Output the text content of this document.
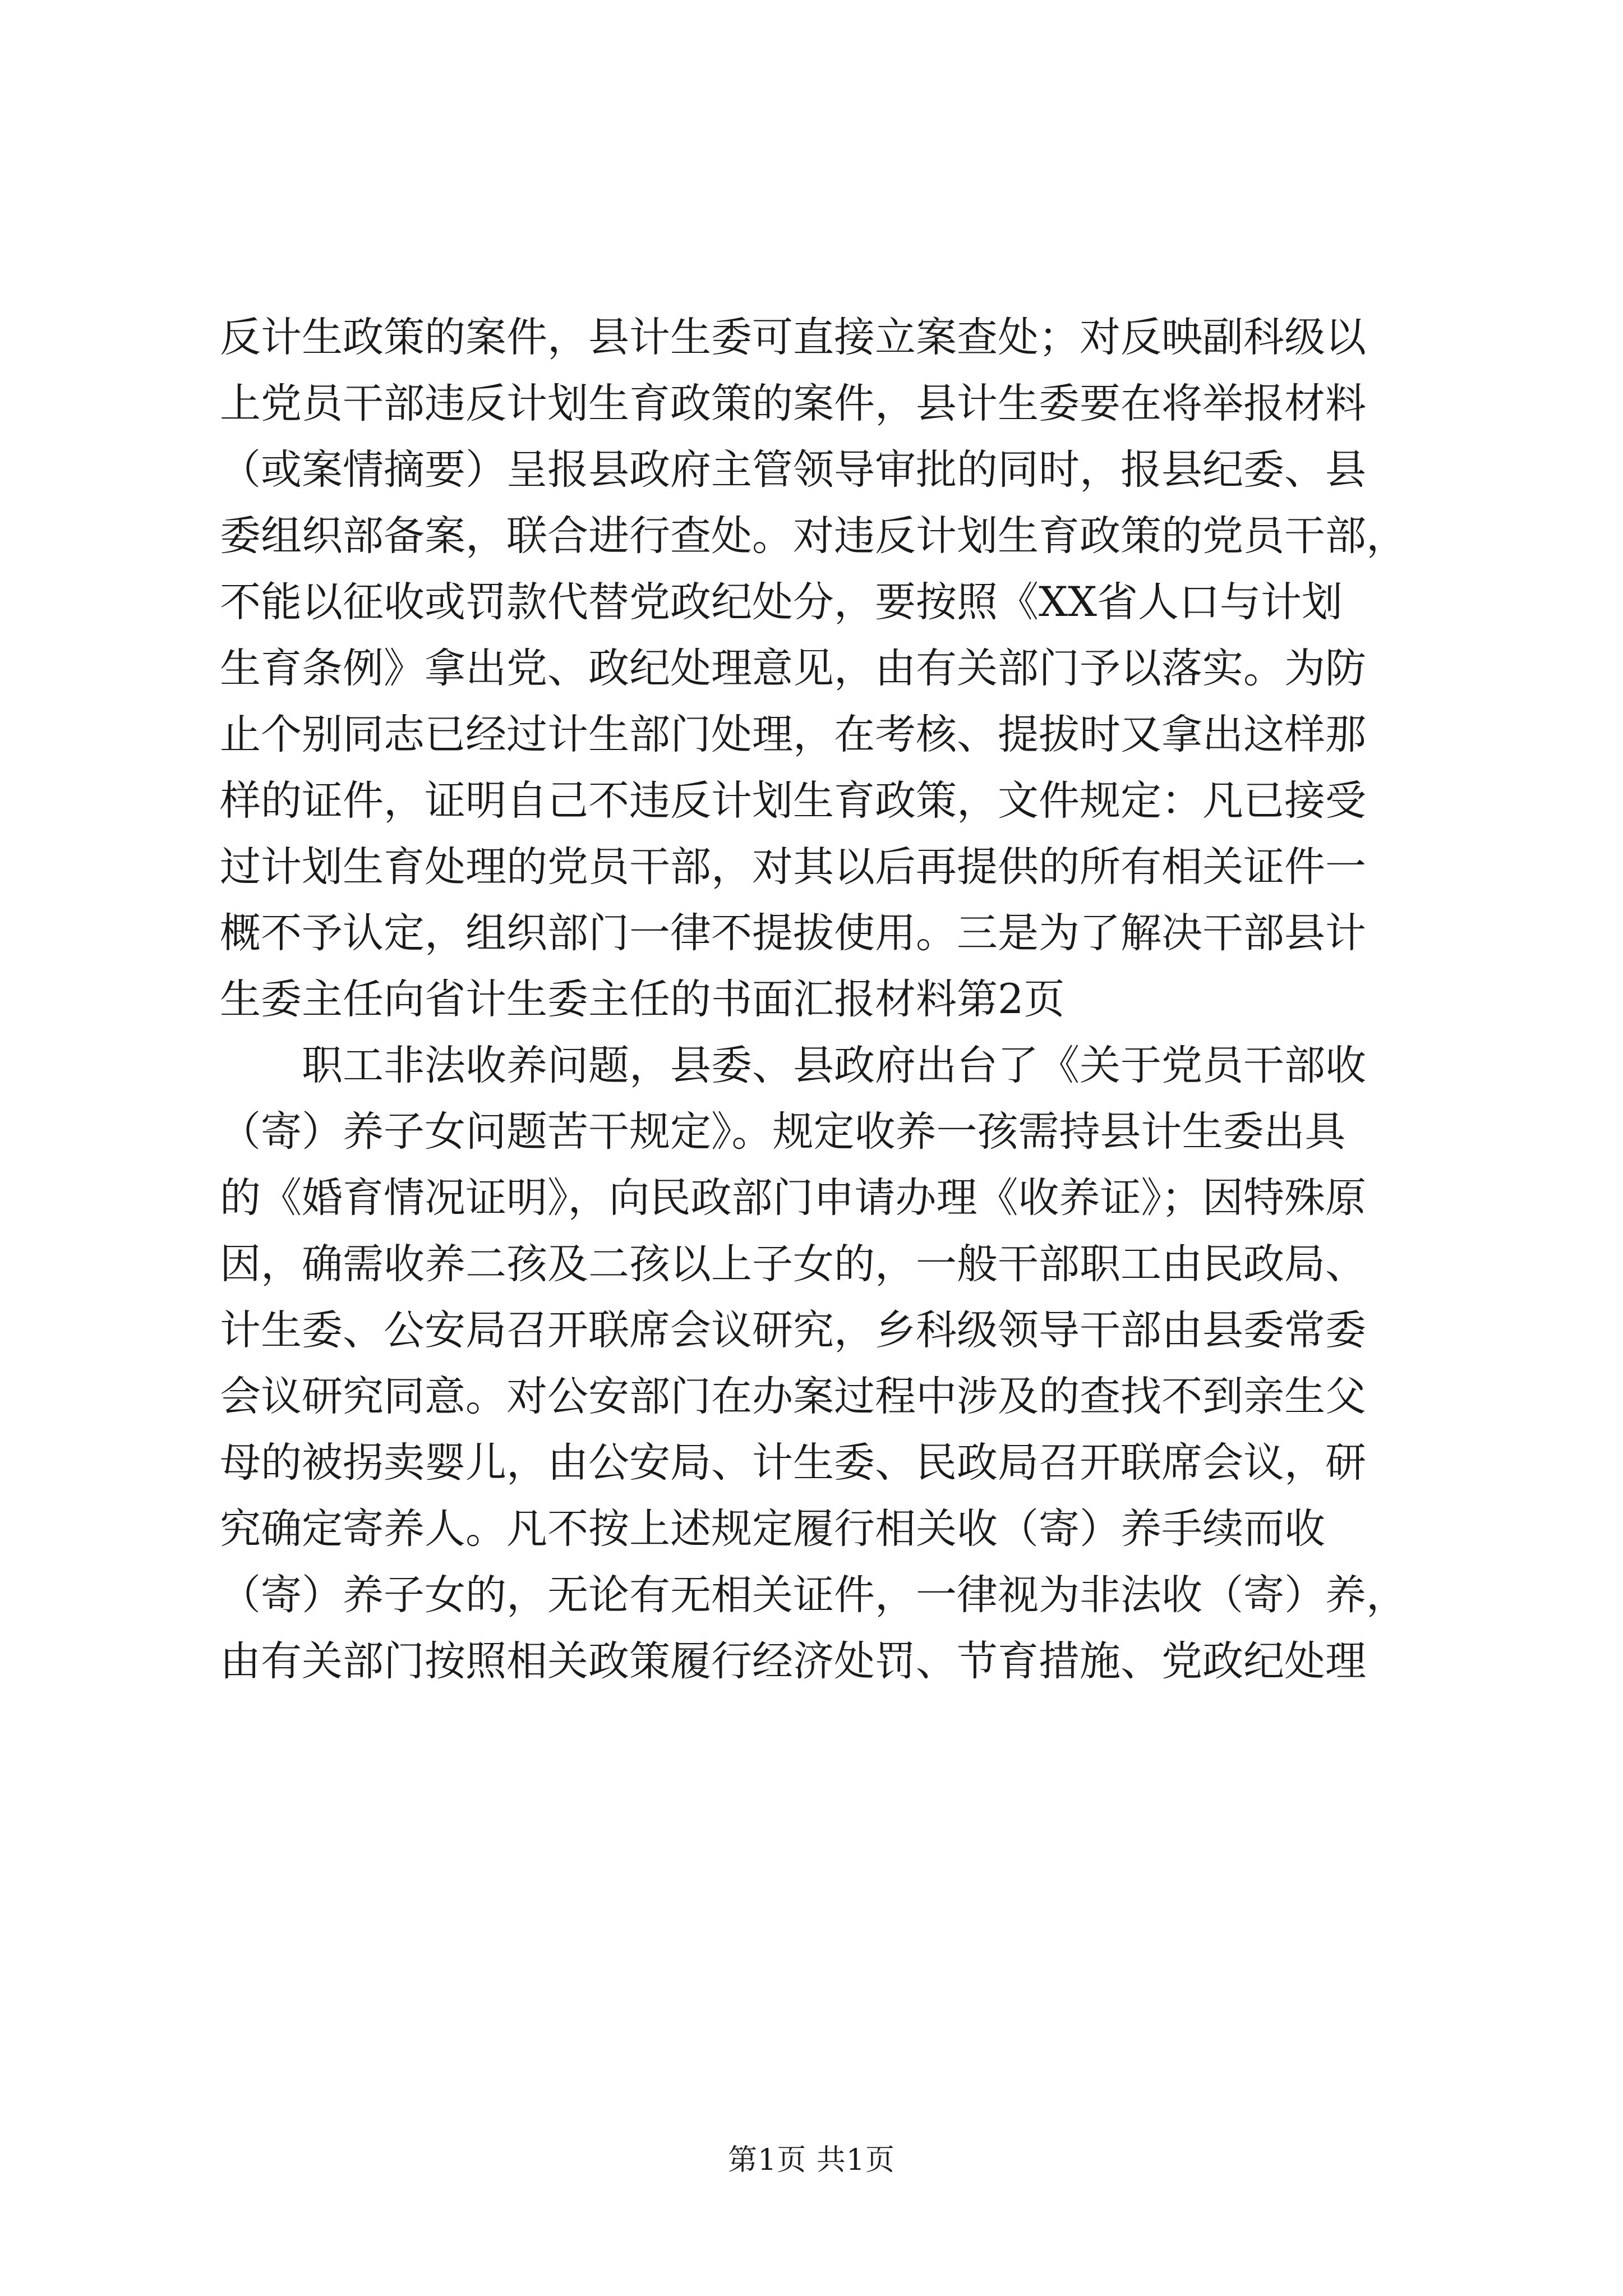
反计生政策的案件，县计生委可直接立案查处；对反映副科级以
上党员干部违反计划生育政策的案件，县计生委要在将举报材料
（或案情摘要）呈报县政府主管领导审批的同时，报县纪委、县
委组织部备案，联合进行查处。对违反计划生育政策的党员干部，
不能以征收或罚款代替党政纪处分，要按照《XX省人口与计划
生育条例》拿出党、政纪处理意见，由有关部门予以落实。为防
止个别同志已经过计生部门处理，在考核、提拔时又拿出这样那
样的证件，证明自己不违反计划生育政策，文件规定：凡已接受
过计划生育处理的党员干部，对其以后再提供的所有相关证件一
概不予认定，组织部门一律不提拔使用。三是为了解决干部县计
生委主任向省计生委主任的书面汇报材料第2页
职工非法收养问题，县委、县政府出台了《关于党员干部收
（寄）养子女问题苦干规定》。规定收养一孩需持县计生委出具
的《婚育情况证明》，向民政部门申请办理《收养证》；因特殊原
因，确需收养二孩及二孩以上子女的，一般干部职工由民政局、
计生委、公安局召开联席会议研究，乡科级领导干部由县委常委
会议研究同意。对公安部门在办案过程中涉及的查找不到亲生父
母的被拐卖婴儿，由公安局、计生委、民政局召开联席会议，研
究确定寄养人。凡不按上述规定履行相关收（寄）养手续而收
（寄）养子女的，无论有无相关证件，一律视为非法收（寄）养，
由有关部门按照相关政策履行经济处罚、节育措施、党政纪处理
第1页 共1页
